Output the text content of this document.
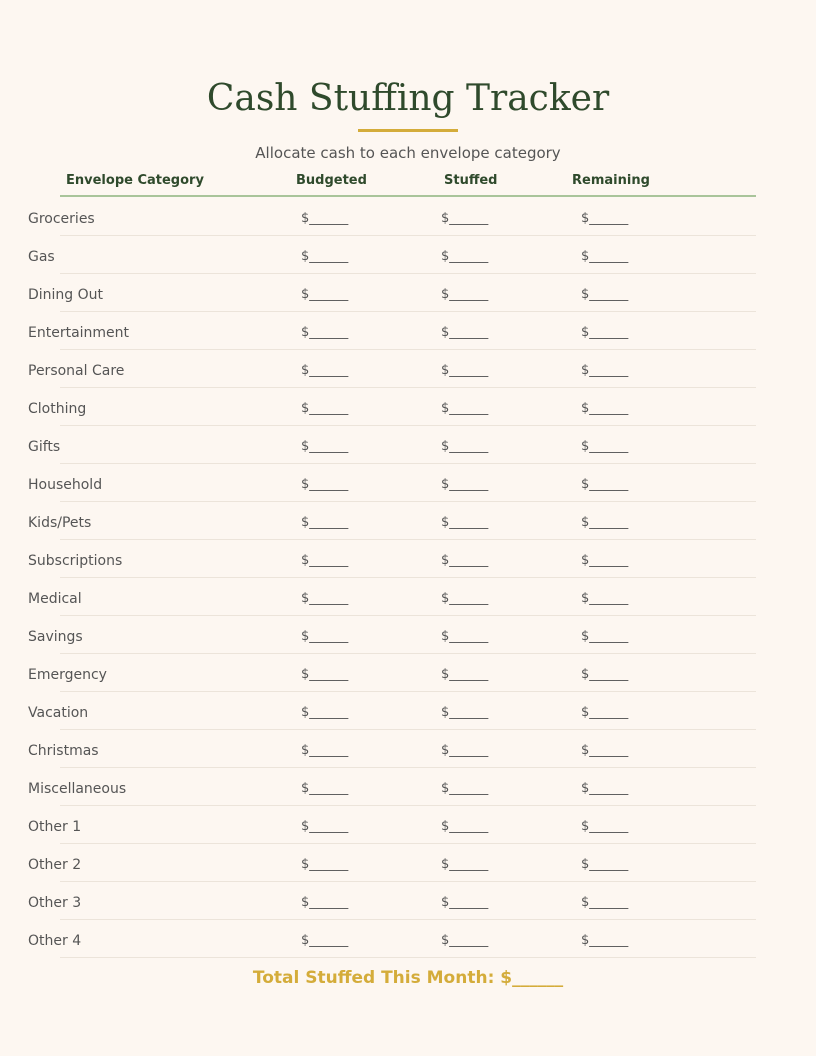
Cash Stuffing Tracker
Allocate cash to each envelope category
Envelope Category	Budgeted	Stuffed	Remaining
Groceries	$______	$______	$______
Gas	$______	$______	$______
Dining Out	$______	$______	$______
Entertainment	$______	$______	$______
Personal Care	$______	$______	$______
Clothing	$______	$______	$______
Gifts	$______	$______	$______
Household	$______	$______	$______
Kids/Pets	$______	$______	$______
Subscriptions	$______	$______	$______
Medical	$______	$______	$______
Savings	$______	$______	$______
Emergency	$______	$______	$______
Vacation	$______	$______	$______
Christmas	$______	$______	$______
Miscellaneous	$______	$______	$______
Other 1	$______	$______	$______
Other 2	$______	$______	$______
Other 3	$______	$______	$______
Other 4	$______	$______	$______
Total Stuffed This Month: $______
